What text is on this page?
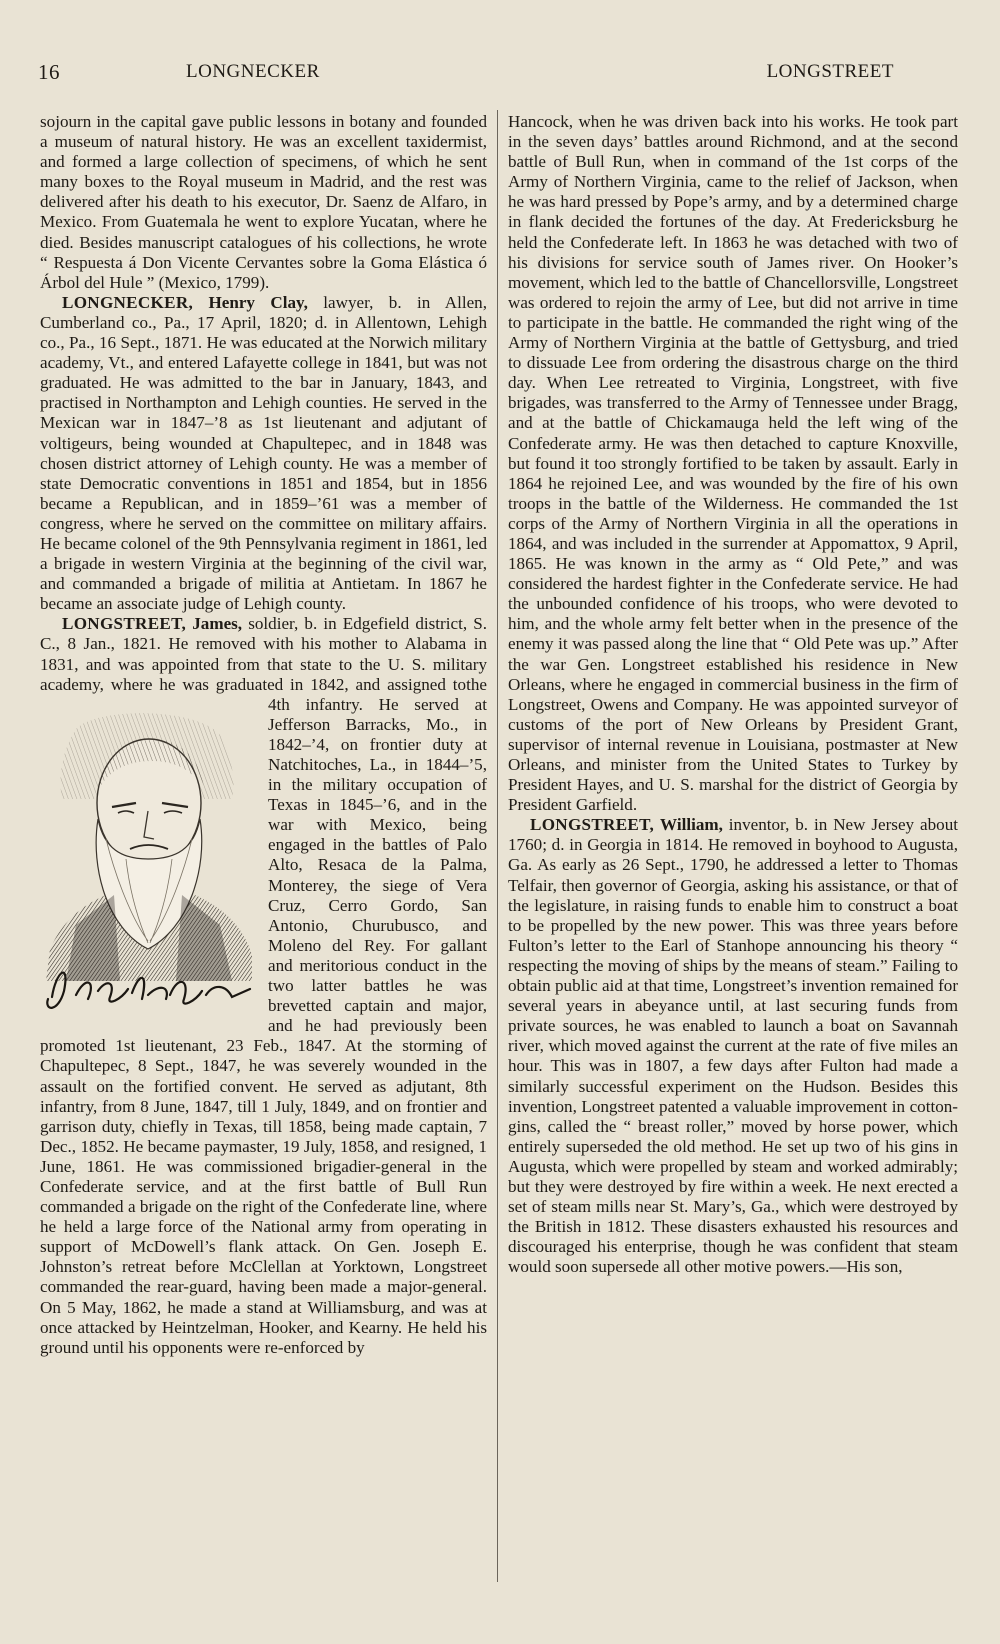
16	LONGNECKER	LONGSTREET

sojourn in the capital gave public lessons in botany and founded a museum of natural history. He was an excellent taxidermist, and formed a large collection of specimens, of which he sent many boxes to the Royal museum in Madrid, and the rest was delivered after his death to his executor, Dr. Saenz de Alfaro, in Mexico. From Guatemala he went to explore Yucatan, where he died. Besides manuscript catalogues of his collections, he wrote “ Respuesta á Don Vicente Cervantes sobre la Goma Elástica ó Árbol del Hule ” (Mexico, 1799).

LONGNECKER, Henry Clay, lawyer, b. in Allen, Cumberland co., Pa., 17 April, 1820; d. in Allentown, Lehigh co., Pa., 16 Sept., 1871. He was educated at the Norwich military academy, Vt., and entered Lafayette college in 1841, but was not graduated. He was admitted to the bar in January, 1843, and practised in Northampton and Lehigh counties. He served in the Mexican war in 1847–’8 as 1st lieutenant and adjutant of voltigeurs, being wounded at Chapultepec, and in 1848 was chosen district attorney of Lehigh county. He was a member of state Democratic conventions in 1851 and 1854, but in 1856 became a Republican, and in 1859–’61 was a member of congress, where he served on the committee on military affairs. He became colonel of the 9th Pennsylvania regiment in 1861, led a brigade in western Virginia at the beginning of the civil war, and commanded a brigade of militia at Antietam. In 1867 he became an associate judge of Lehigh county.

LONGSTREET, James, soldier, b. in Edgefield district, S. C., 8 Jan., 1821. He removed with his mother to Alabama in 1831, and was appointed from that state to the U. S. military academy, where he was graduated in 1842, and assigned to
the 4th infantry. He served at Jefferson Barracks, Mo., in 1842–’4, on frontier duty at Natchitoches, La., in 1844–’5, in the military occupation of Texas in 1845–’6, and in the war with Mexico, being engaged in the battles of Palo Alto, Resaca de la Palma, Monterey, the siege of Vera Cruz, Cerro Gordo, San Antonio, Churubusco, and Moleno del Rey. For gallant and meritorious conduct in the two latter battles he was brevetted captain and major, and he had previously been promoted 1st lieutenant, 23 Feb., 1847. At the storming of Chapultepec, 8 Sept., 1847, he was severely wounded in the assault on the fortified convent. He served as adjutant, 8th infantry, from 8 June, 1847, till 1 July, 1849, and on frontier and garrison duty, chiefly in Texas, till 1858, being made captain, 7 Dec., 1852. He became paymaster, 19 July, 1858, and resigned, 1 June, 1861. He was commissioned brigadier-general in the Confederate service, and at the first battle of Bull Run commanded a brigade on the right of the Confederate line, where he held a large force of the National army from operating in support of McDowell’s flank attack. On Gen. Joseph E. Johnston’s retreat before McClellan at Yorktown, Longstreet commanded the rear-guard, having been made a major-general. On 5 May, 1862, he made a stand at Williamsburg, and was at once attacked by Heintzelman, Hooker, and Kearny. He held his ground until his opponents were re-enforced by

Hancock, when he was driven back into his works. He took part in the seven days’ battles around Richmond, and at the second battle of Bull Run, when in command of the 1st corps of the Army of Northern Virginia, came to the relief of Jackson, when he was hard pressed by Pope’s army, and by a determined charge in flank decided the fortunes of the day. At Fredericksburg he held the Confederate left. In 1863 he was detached with two of his divisions for service south of James river. On Hooker’s movement, which led to the battle of Chancellorsville, Longstreet was ordered to rejoin the army of Lee, but did not arrive in time to participate in the battle. He commanded the right wing of the Army of Northern Virginia at the battle of Gettysburg, and tried to dissuade Lee from ordering the disastrous charge on the third day. When Lee retreated to Virginia, Longstreet, with five brigades, was transferred to the Army of Tennessee under Bragg, and at the battle of Chickamauga held the left wing of the Confederate army. He was then detached to capture Knoxville, but found it too strongly fortified to be taken by assault. Early in 1864 he rejoined Lee, and was wounded by the fire of his own troops in the battle of the Wilderness. He commanded the 1st corps of the Army of Northern Virginia in all the operations in 1864, and was included in the surrender at Appomattox, 9 April, 1865. He was known in the army as “ Old Pete,” and was considered the hardest fighter in the Confederate service. He had the unbounded confidence of his troops, who were devoted to him, and the whole army felt better when in the presence of the enemy it was passed along the line that “ Old Pete was up.” After the war Gen. Longstreet established his residence in New Orleans, where he engaged in commercial business in the firm of Longstreet, Owens and Company. He was appointed surveyor of customs of the port of New Orleans by President Grant, supervisor of internal revenue in Louisiana, postmaster at New Orleans, and minister from the United States to Turkey by President Hayes, and U. S. marshal for the district of Georgia by President Garfield.

LONGSTREET, William, inventor, b. in New Jersey about 1760; d. in Georgia in 1814. He removed in boyhood to Augusta, Ga. As early as 26 Sept., 1790, he addressed a letter to Thomas Telfair, then governor of Georgia, asking his assistance, or that of the legislature, in raising funds to enable him to construct a boat to be propelled by the new power. This was three years before Fulton’s letter to the Earl of Stanhope announcing his theory “ respecting the moving of ships by the means of steam.” Failing to obtain public aid at that time, Longstreet’s invention remained for several years in abeyance until, at last securing funds from private sources, he was enabled to launch a boat on Savannah river, which moved against the current at the rate of five miles an hour. This was in 1807, a few days after Fulton had made a similarly successful experiment on the Hudson. Besides this invention, Longstreet patented a valuable improvement in cotton-gins, called the “ breast roller,” moved by horse power, which entirely superseded the old method. He set up two of his gins in Augusta, which were propelled by steam and worked admirably; but they were destroyed by fire within a week. He next erected a set of steam mills near St. Mary’s, Ga., which were destroyed by the British in 1812. These disasters exhausted his resources and discouraged his enterprise, though he was confident that steam would soon supersede all other motive powers.—His son,
